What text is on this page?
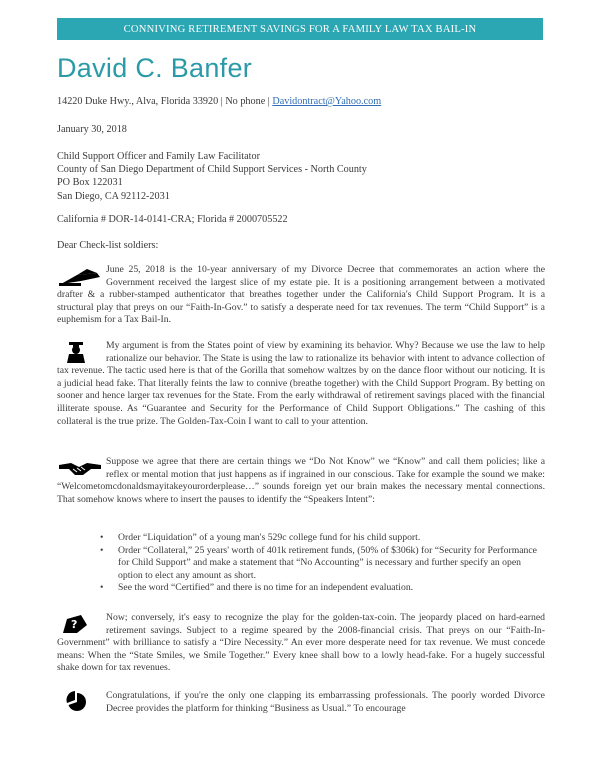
CONNIVING RETIREMENT SAVINGS FOR A FAMILY LAW TAX BAIL-IN
David C. Banfer
14220 Duke Hwy., Alva, Florida 33920 | No phone | Davidontract@Yahoo.com
January 30, 2018
Child Support Officer and Family Law Facilitator
County of San Diego Department of Child Support Services - North County
PO Box 122031
San Diego, CA 92112-2031
California # DOR-14-0141-CRA; Florida # 2000705522
Dear Check-list soldiers:

June 25, 2018 is the 10-year anniversary of my Divorce Decree that commemorates an action where the Government received the largest slice of my estate pie. It is a positioning arrangement between a motivated drafter & a rubber-stamped authenticator that breathes together under the California's Child Support Program. It is a structural play that preys on our “Faith-In-Gov.” to satisfy a desperate need for tax revenues. The term “Child Support” is a euphemism for a Tax Bail-In.

My argument is from the States point of view by examining its behavior. Why? Because we use the law to help rationalize our behavior. The State is using the law to rationalize its behavior with intent to advance collection of tax revenue. The tactic used here is that of the Gorilla that somehow waltzes by on the dance floor without our noticing. It is a judicial head fake. That literally feints the law to connive (breathe together) with the Child Support Program. By betting on sooner and hence larger tax revenues for the State. From the early withdrawal of retirement savings placed with the financial illiterate spouse. As “Guarantee and Security for the Performance of Child Support Obligations.” The cashing of this collateral is the true prize. The Golden-Tax-Coin I want to call to your attention.

Suppose we agree that there are certain things we “Do Not Know” we “Know” and call them policies; like a reflex or mental motion that just happens as if ingrained in our conscious. Take for example the sound we make: “Welcometomcdonaldsmayitakeyourorderplease…” sounds foreign yet our brain makes the necessary mental connections. That somehow knows where to insert the pauses to identify the “Speakers Intent”:

• Order “Liquidation” of a young man's 529c college fund for his child support.
• Order “Collateral,” 25 years' worth of 401k retirement funds, (50% of $306k) for “Security for Performance for Child Support” and make a statement that “No Accounting” is necessary and further specify an open option to elect any amount as short.
• See the word “Certified” and there is no time for an independent evaluation.

?
Now; conversely, it's easy to recognize the play for the golden-tax-coin. The jeopardy placed on hard-earned retirement savings. Subject to a regime speared by the 2008-financial crisis. That preys on our “Faith-In-Government” with brilliance to satisfy a “Dire Necessity.” An ever more desperate need for tax revenue. We must concede means: When the “State Smiles, we Smile Together.” Every knee shall bow to a lowly head-fake. For a hugely successful shake down for tax revenues.

Congratulations, if you're the only one clapping its embarrassing professionals. The poorly worded Divorce Decree provides the platform for thinking “Business as Usual.” To encourage
